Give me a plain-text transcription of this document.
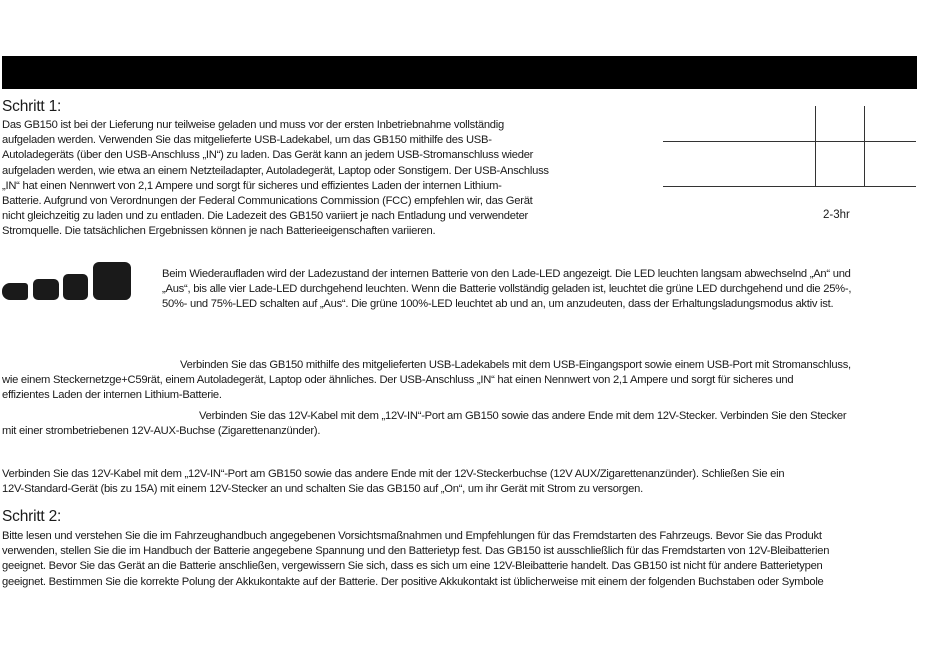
Schritt 1:
Das GB150 ist bei der Lieferung nur teilweise geladen und muss vor der ersten Inbetriebnahme vollständig
aufgeladen werden. Verwenden Sie das mitgelieferte USB-Ladekabel, um das GB150 mithilfe des USB-
Autoladegeräts (über den USB-Anschluss „IN“) zu laden. Das Gerät kann an jedem USB-Stromanschluss wieder
aufgeladen werden, wie etwa an einem Netzteiladapter, Autoladegerät, Laptop oder Sonstigem. Der USB-Anschluss
„IN“ hat einen Nennwert von 2,1 Ampere und sorgt für sicheres und effizientes Laden der internen Lithium-
Batterie. Aufgrund von Verordnungen der Federal Communications Commission (FCC) empfehlen wir, das Gerät
nicht gleichzeitig zu laden und zu entladen. Die Ladezeit des GB150 variiert je nach Entladung und verwendeter
Stromquelle. Die tatsächlichen Ergebnissen können je nach Batterieeigenschaften variieren.
2-3hr
Beim Wiederaufladen wird der Ladezustand der internen Batterie von den Lade-LED angezeigt. Die LED leuchten langsam abwechselnd „An“ und
„Aus“, bis alle vier Lade-LED durchgehend leuchten. Wenn die Batterie vollständig geladen ist, leuchtet die grüne LED durchgehend und die 25%-,
50%- und 75%-LED schalten auf „Aus“. Die grüne 100%-LED leuchtet ab und an, um anzudeuten, dass der Erhaltungsladungsmodus aktiv ist.
Verbinden Sie das GB150 mithilfe des mitgelieferten USB-Ladekabels mit dem USB-Eingangsport sowie einem USB-Port mit Stromanschluss,
wie einem Steckernetzge+C59rät, einem Autoladegerät, Laptop oder ähnliches. Der USB-Anschluss „IN“ hat einen Nennwert von 2,1 Ampere und sorgt für sicheres und
effizientes Laden der internen Lithium-Batterie.
Verbinden Sie das 12V-Kabel mit dem „12V-IN“-Port am GB150 sowie das andere Ende mit dem 12V-Stecker. Verbinden Sie den Stecker
mit einer strombetriebenen 12V-AUX-Buchse (Zigarettenanzünder).
Verbinden Sie das 12V-Kabel mit dem „12V-IN“-Port am GB150 sowie das andere Ende mit der 12V-Steckerbuchse (12V AUX/Zigarettenanzünder). Schließen Sie ein
12V-Standard-Gerät (bis zu 15A) mit einem 12V-Stecker an und schalten Sie das GB150 auf „On“, um ihr Gerät mit Strom zu versorgen.
Schritt 2:
Bitte lesen und verstehen Sie die im Fahrzeughandbuch angegebenen Vorsichtsmaßnahmen und Empfehlungen für das Fremdstarten des Fahrzeugs. Bevor Sie das Produkt
verwenden, stellen Sie die im Handbuch der Batterie angegebene Spannung und den Batterietyp fest. Das GB150 ist ausschließlich für das Fremdstarten von 12V-Bleibatterien
geeignet. Bevor Sie das Gerät an die Batterie anschließen, vergewissern Sie sich, dass es sich um eine 12V-Bleibatterie handelt. Das GB150 ist nicht für andere Batterietypen
geeignet. Bestimmen Sie die korrekte Polung der Akkukontakte auf der Batterie. Der positive Akkukontakt ist üblicherweise mit einem der folgenden Buchstaben oder Symbole
